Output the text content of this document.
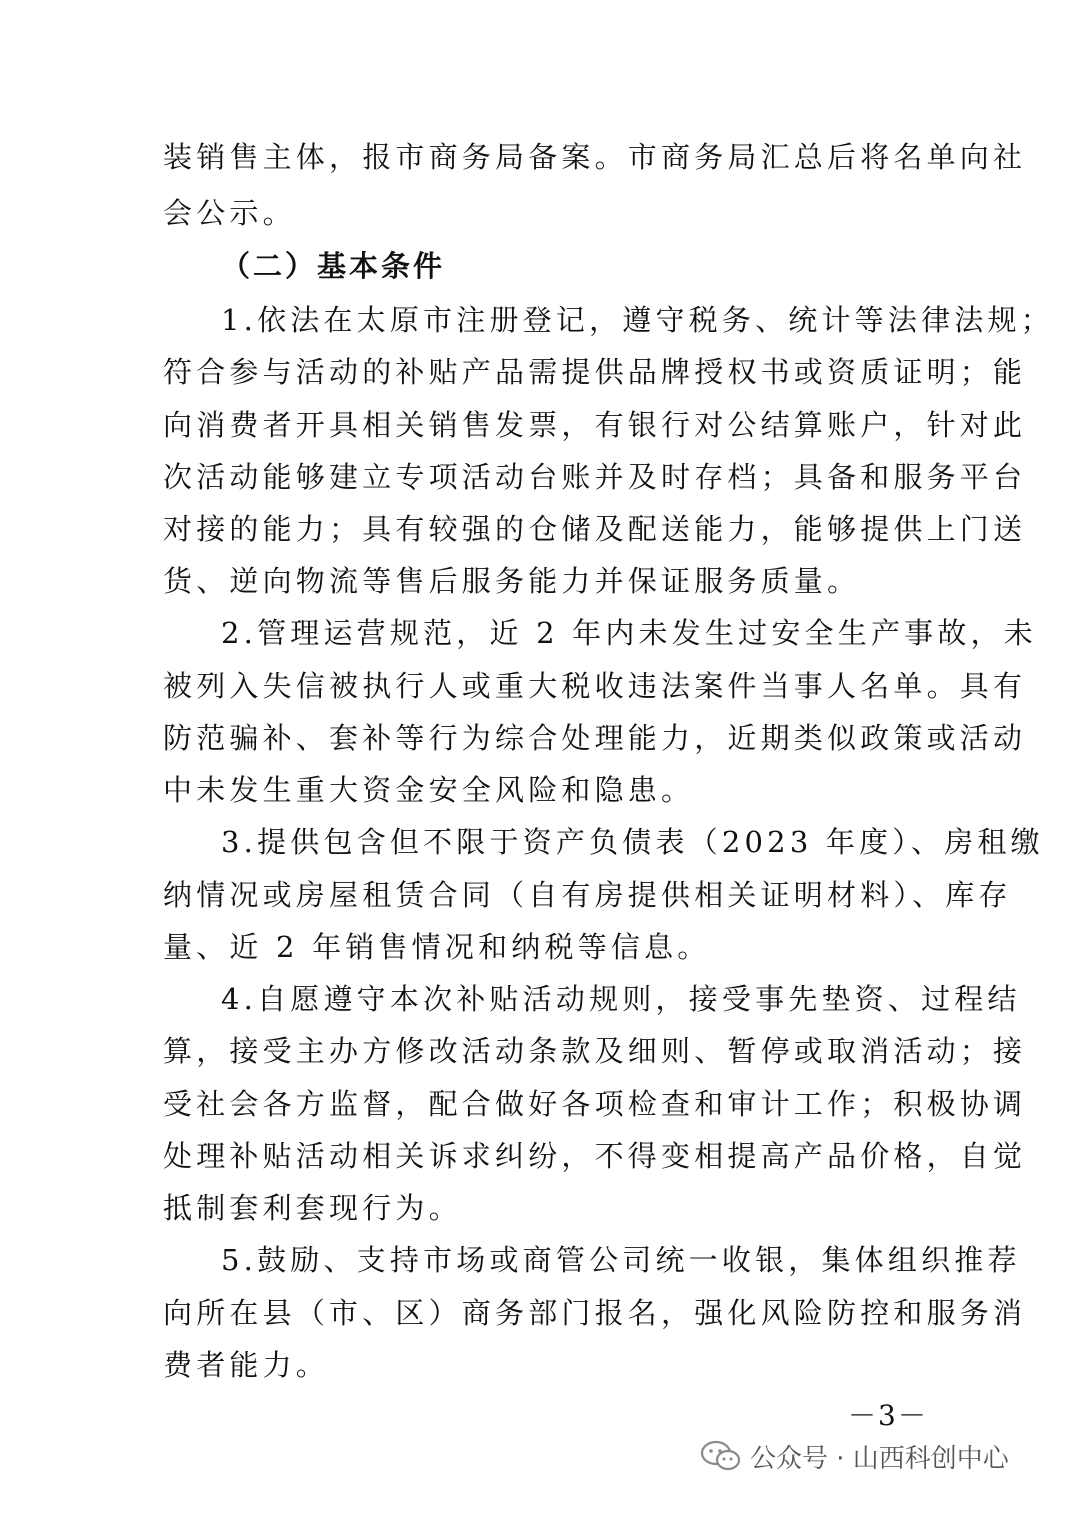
装销售主体，报市商务局备案。市商务局汇总后将名单向社
会公示。
（二）基本条件
1.依法在太原市注册登记，遵守税务、统计等法律法规；
符合参与活动的补贴产品需提供品牌授权书或资质证明；能
向消费者开具相关销售发票，有银行对公结算账户，针对此
次活动能够建立专项活动台账并及时存档；具备和服务平台
对接的能力；具有较强的仓储及配送能力，能够提供上门送
货、逆向物流等售后服务能力并保证服务质量。
2.管理运营规范，近 2 年内未发生过安全生产事故，未
被列入失信被执行人或重大税收违法案件当事人名单。具有
防范骗补、套补等行为综合处理能力，近期类似政策或活动
中未发生重大资金安全风险和隐患。
3.提供包含但不限于资产负债表（2023 年度）、房租缴
纳情况或房屋租赁合同（自有房提供相关证明材料）、库存
量、近 2 年销售情况和纳税等信息。
4.自愿遵守本次补贴活动规则，接受事先垫资、过程结
算，接受主办方修改活动条款及细则、暂停或取消活动；接
受社会各方监督，配合做好各项检查和审计工作；积极协调
处理补贴活动相关诉求纠纷，不得变相提高产品价格，自觉
抵制套利套现行为。
5.鼓励、支持市场或商管公司统一收银，集体组织推荐
向所在县（市、区）商务部门报名，强化风险防控和服务消
费者能力。
－3－
公众号 · 山西科创中心
